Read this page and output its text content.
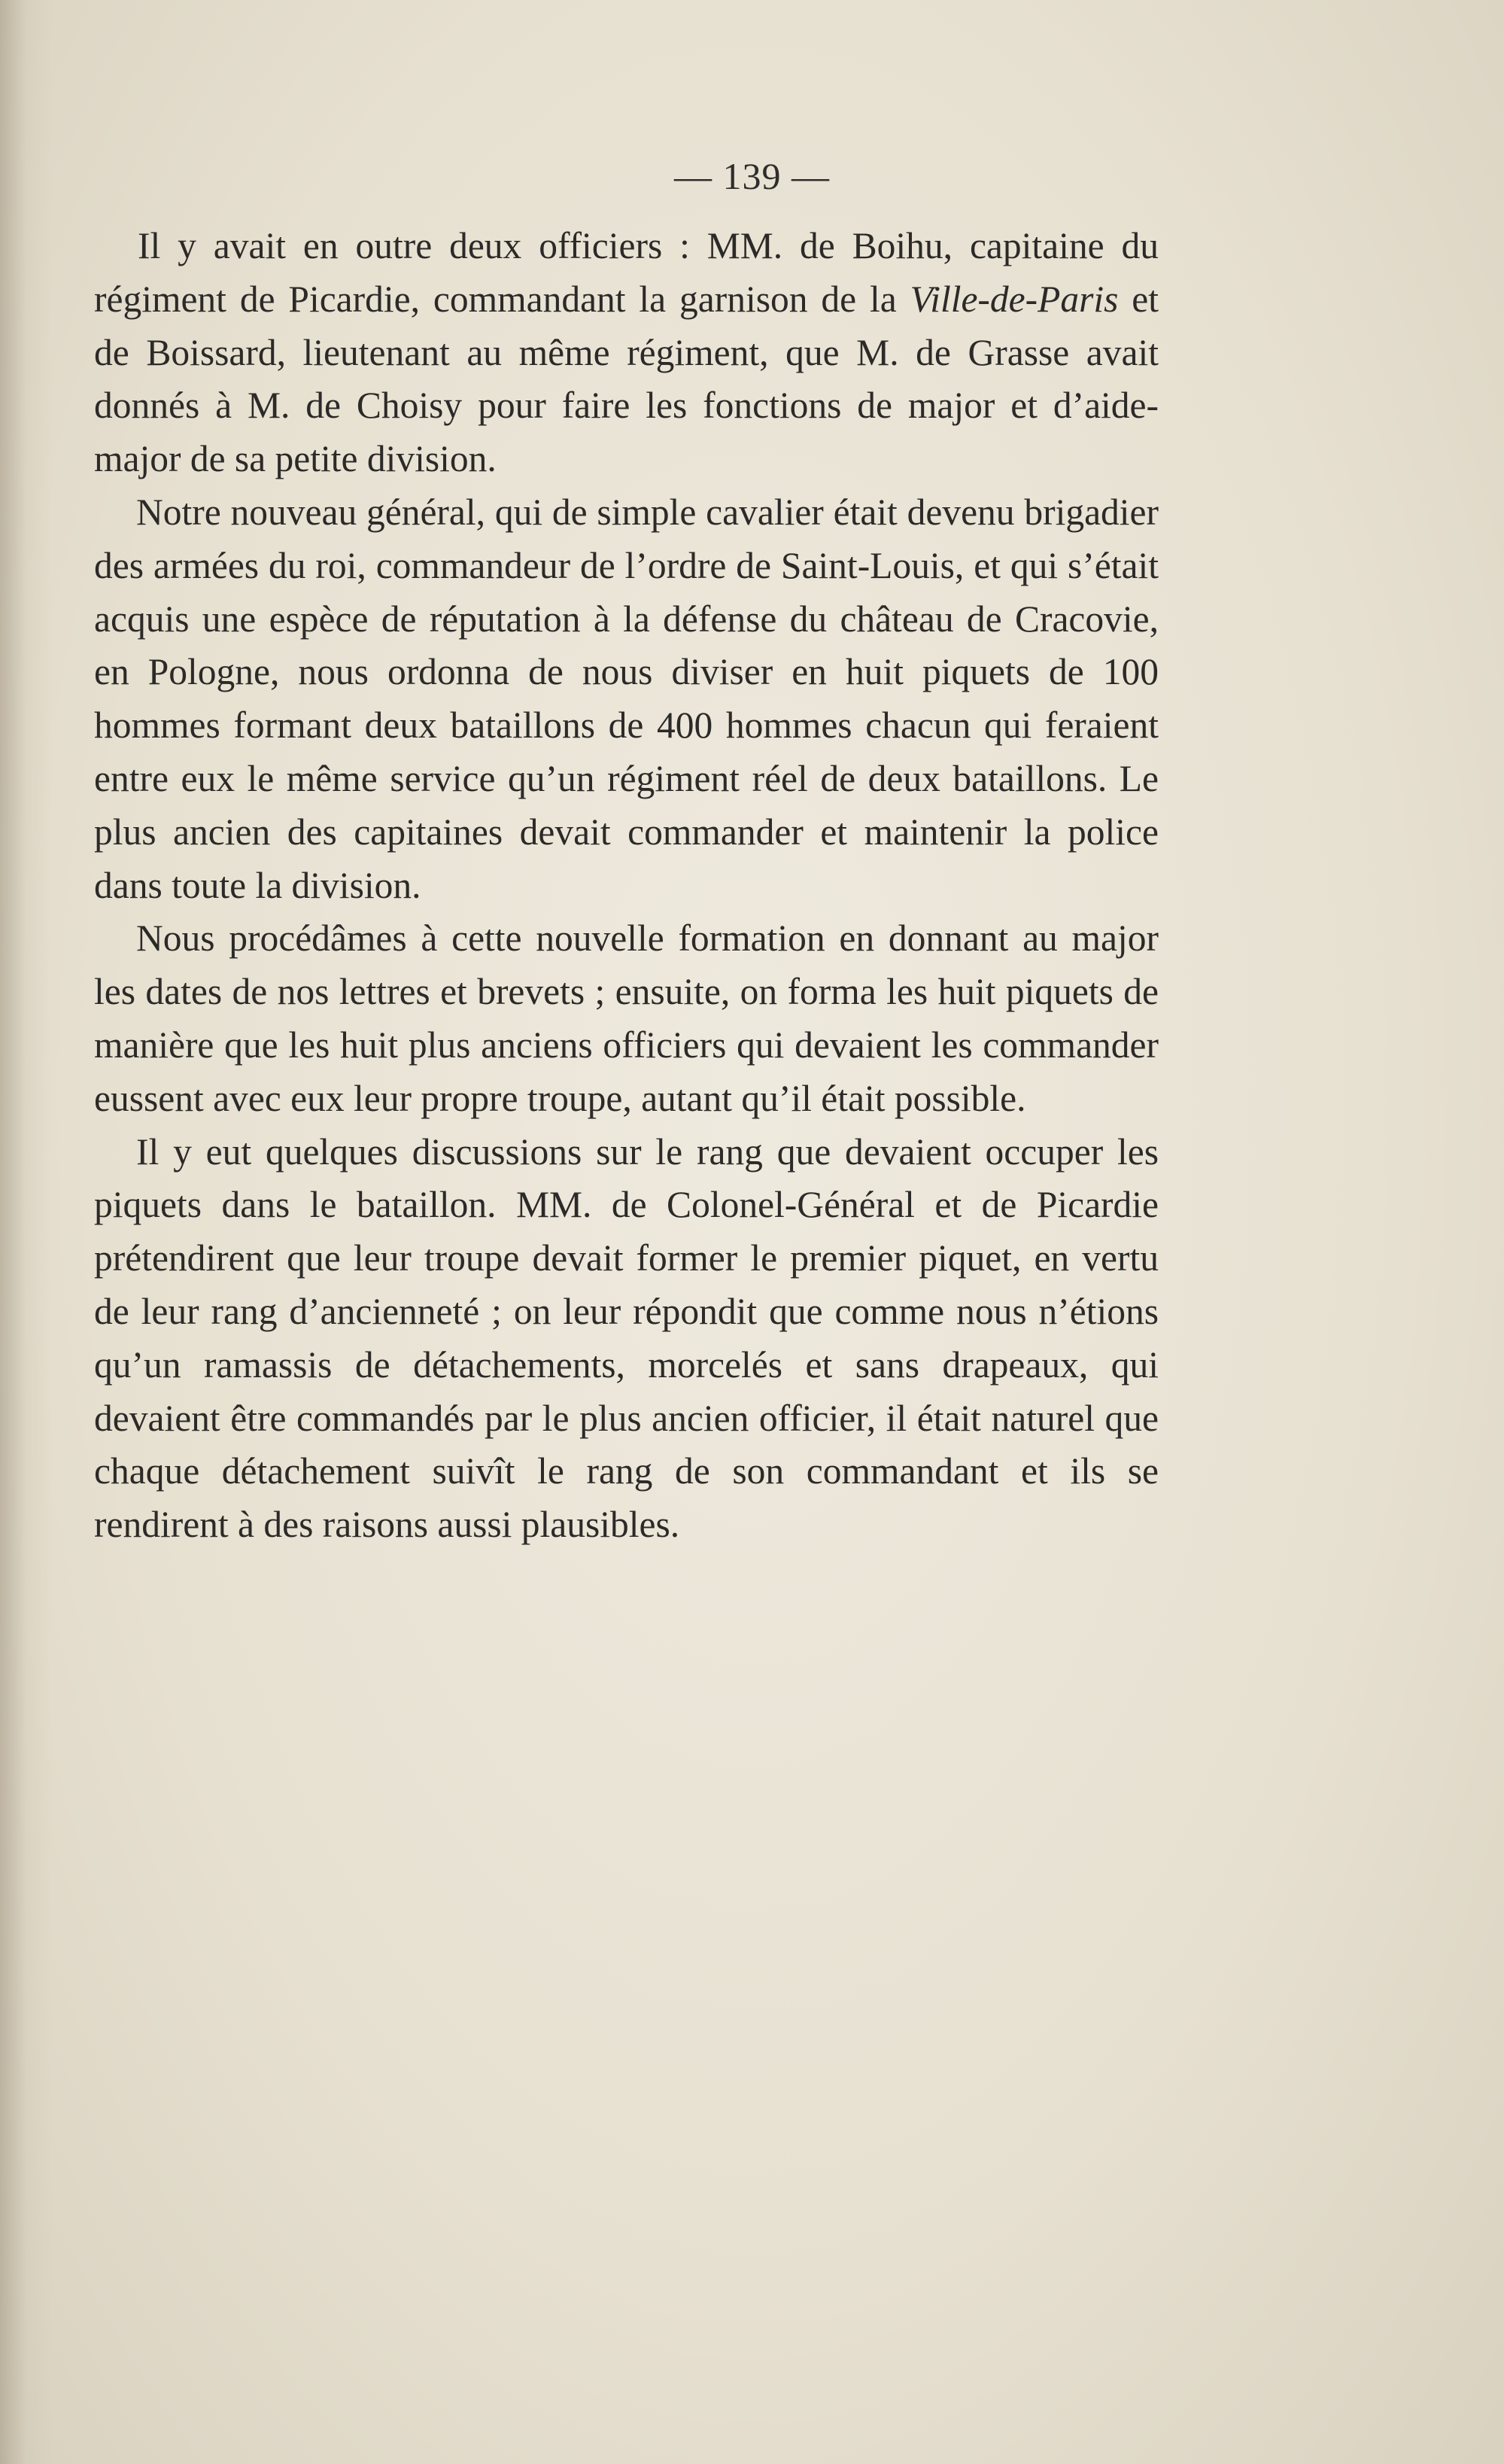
— 139 —

Il y avait en outre deux officiers : MM. de Boihu, capitaine du régiment de Picardie, commandant la garnison de la Ville-de-Paris et de Boissard, lieutenant au même régiment, que M. de Grasse avait donnés à M. de Choisy pour faire les fonctions de major et d’aide-major de sa petite division.

Notre nouveau général, qui de simple cavalier était devenu brigadier des armées du roi, commandeur de l’ordre de Saint-Louis, et qui s’était acquis une espèce de réputation à la défense du château de Cracovie, en Pologne, nous ordonna de nous diviser en huit piquets de 100 hommes formant deux bataillons de 400 hommes chacun qui feraient entre eux le même service qu’un régiment réel de deux bataillons. Le plus ancien des capitaines devait commander et maintenir la police dans toute la division.

Nous procédâmes à cette nouvelle formation en donnant au major les dates de nos lettres et brevets ; ensuite, on forma les huit piquets de manière que les huit plus anciens officiers qui devaient les commander eussent avec eux leur propre troupe, autant qu’il était possible.

Il y eut quelques discussions sur le rang que devaient occuper les piquets dans le bataillon. MM. de Colonel-Général et de Picardie prétendirent que leur troupe devait former le premier piquet, en vertu de leur rang d’ancienneté ; on leur répondit que comme nous n’étions qu’un ramassis de détachements, morcelés et sans drapeaux, qui devaient être commandés par le plus ancien officier, il était naturel que chaque détachement suivît le rang de son commandant et ils se rendirent à des raisons aussi plausibles.
